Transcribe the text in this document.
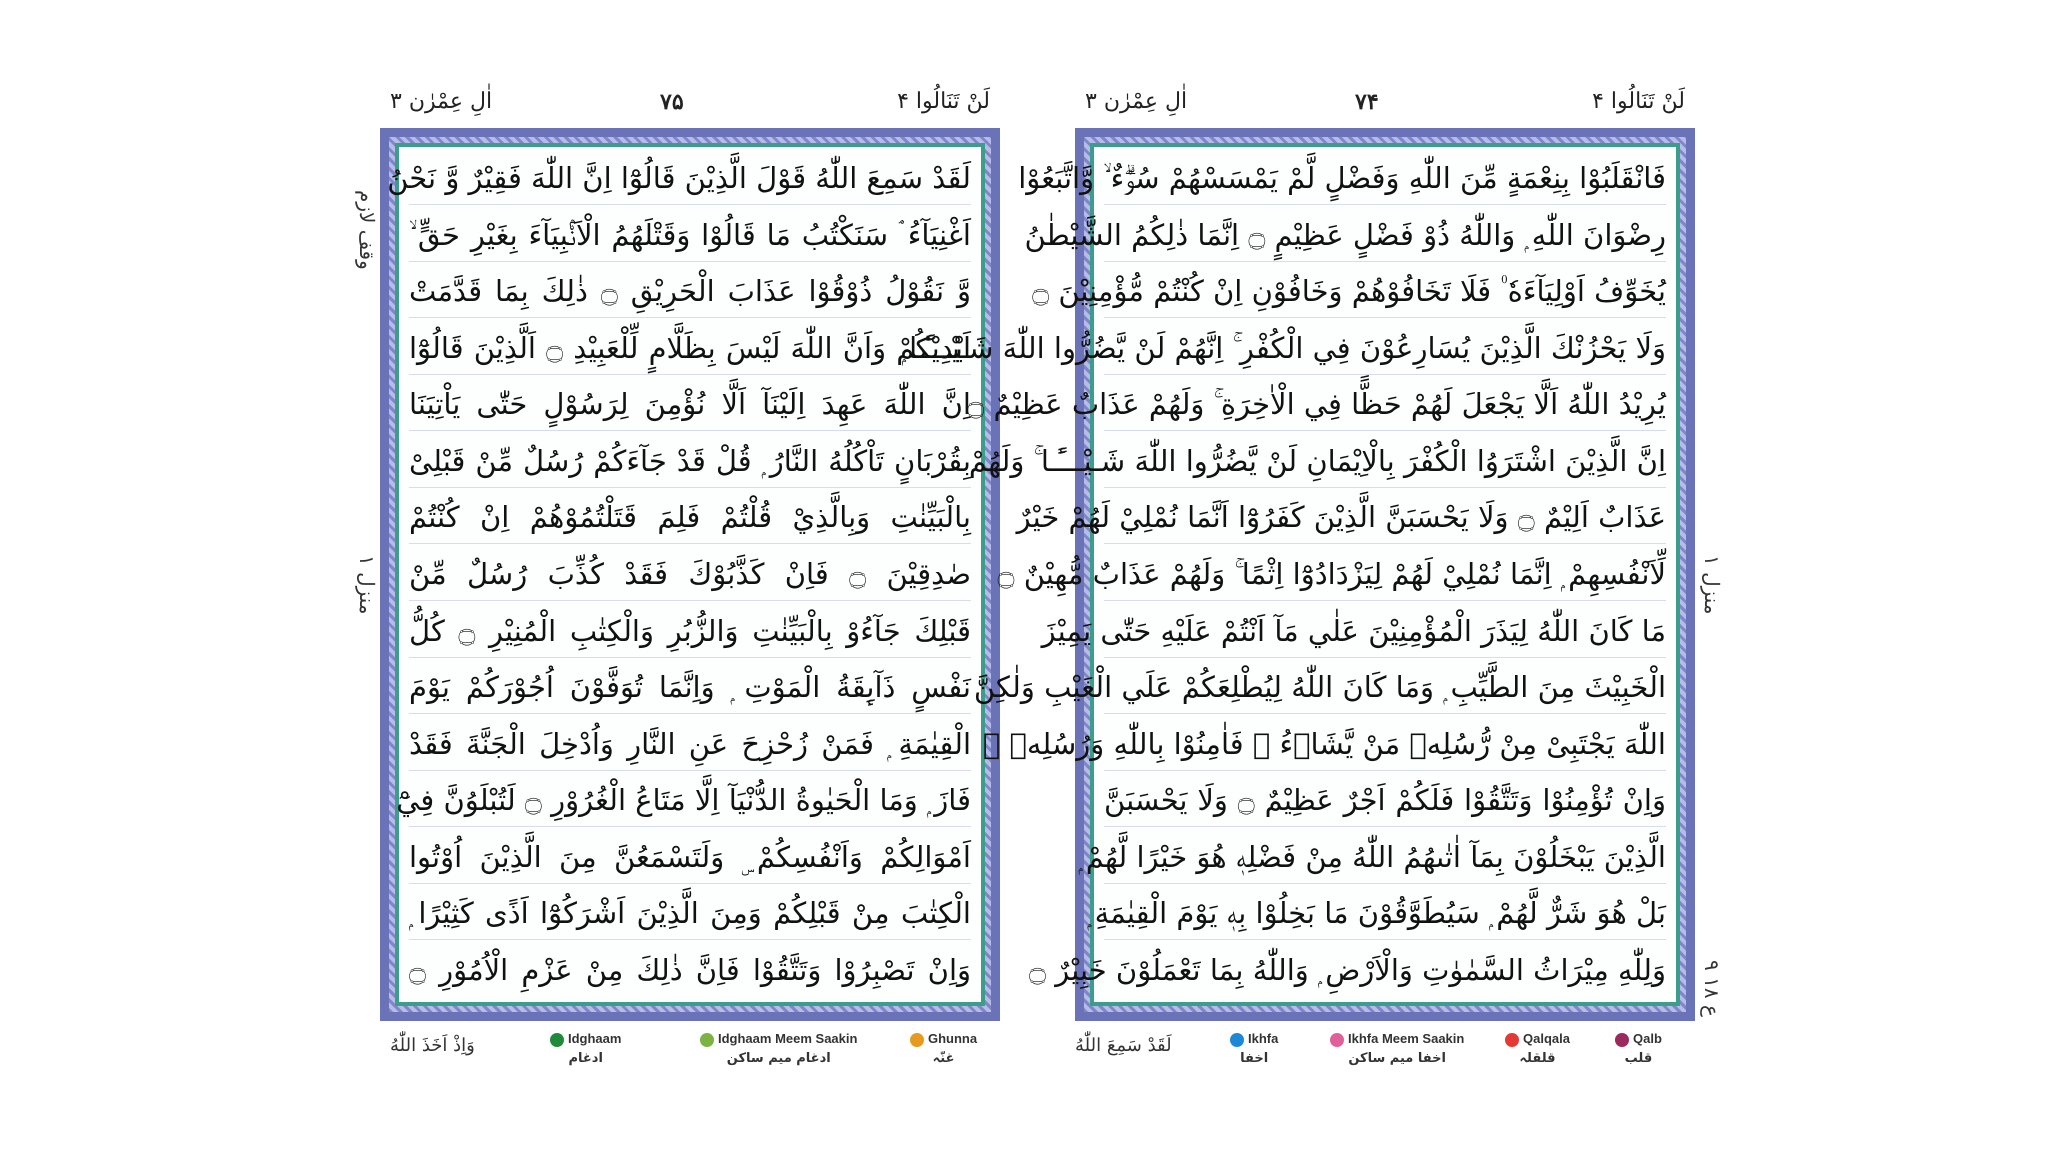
اٰلِ عِمْرٰن ۳	۷۵	لَنْ تَنَالُوا ۴
لَقَدْ سَمِعَ اللّٰهُ قَوْلَ الَّذِيْنَ قَالُوْٓا اِنَّ اللّٰهَ فَقِيْرٌ وَّ نَحْنُ
اَغْنِيَآءُ ۘ سَنَكْتُبُ مَا قَالُوْا وَقَتْلَهُمُ الْاَنْۢبِيَآءَ بِغَيْرِ حَقٍّ ۙ
وَّ نَقُوْلُ ذُوْقُوْا عَذَابَ الْحَرِيْقِ ۝ ذٰلِكَ بِمَا قَدَّمَتْ
اَيْدِيْكُمْ وَاَنَّ اللّٰهَ لَيْسَ بِظَلَّامٍ لِّلْعَبِيْدِ ۝ اَلَّذِيْنَ قَالُوْٓا
اِنَّ اللّٰهَ عَهِدَ اِلَيْنَآ اَلَّا نُؤْمِنَ لِرَسُوْلٍ حَتّٰى يَاْتِيَنَا
بِقُرْبَانٍ تَاْكُلُهُ النَّارُ ۭ قُلْ قَدْ جَآءَكُمْ رُسُلٌ مِّنْ قَبْلِىْ
بِالْبَيِّنٰتِ وَبِالَّذِيْ قُلْتُمْ فَلِمَ قَتَلْتُمُوْهُمْ اِنْ كُنْتُمْ
صٰدِقِيْنَ ۝ فَاِنْ كَذَّبُوْكَ فَقَدْ كُذِّبَ رُسُلٌ مِّنْ
قَبْلِكَ جَآءُوْ بِالْبَيِّنٰتِ وَالزُّبُرِ وَالْكِتٰبِ الْمُنِيْرِ ۝ كُلُّ
نَفْسٍ ذَآىِٕقَةُ الْمَوْتِ ۭ وَاِنَّمَا تُوَفَّوْنَ اُجُوْرَكُمْ يَوْمَ
الْقِيٰمَةِ ۭ فَمَنْ زُحْزِحَ عَنِ النَّارِ وَاُدْخِلَ الْجَنَّةَ فَقَدْ
فَازَ ۭ وَمَا الْحَيٰوةُ الدُّنْيَآ اِلَّا مَتَاعُ الْغُرُوْرِ ۝ لَتُبْلَوُنَّ فِيْٓ
اَمْوَالِكُمْ وَاَنْفُسِكُمْ ۣ وَلَتَسْمَعُنَّ مِنَ الَّذِيْنَ اُوْتُوا
الْكِتٰبَ مِنْ قَبْلِكُمْ وَمِنَ الَّذِيْنَ اَشْرَكُوْٓا اَذًى كَثِيْرًا ۭ
وَاِنْ تَصْبِرُوْا وَتَتَّقُوْا فَاِنَّ ذٰلِكَ مِنْ عَزْمِ الْاُمُوْرِ ۝
وَاِذْ اَخَذَ اللّٰهُ	Idghaam
ادغام
Idghaam Meem Saakin
ادغام میم ساکن
Ghunna
غنّہ
وقف لازم
منزل ۱
اٰلِ عِمْرٰن ۳	۷۴	لَنْ تَنَالُوا ۴
فَانْقَلَبُوْا بِنِعْمَةٍ مِّنَ اللّٰهِ وَفَضْلٍ لَّمْ يَمْسَسْهُمْ سُوْۗءٌ ۙ وَّاتَّبَعُوْا
رِضْوَانَ اللّٰهِ ۭ وَاللّٰهُ ذُوْ فَضْلٍ عَظِيْمٍ ۝ اِنَّمَا ذٰلِكُمُ الشَّيْطٰنُ
يُخَوِّفُ اَوْلِيَآءَهٗ ۠ فَلَا تَخَافُوْھُمْ وَخَافُوْنِ اِنْ كُنْتُمْ مُّؤْمِنِيْنَ ۝
وَلَا يَحْزُنْكَ الَّذِيْنَ يُسَارِعُوْنَ فِي الْكُفْرِ ۚ اِنَّھُمْ لَنْ يَّضُرُّوا اللّٰهَ شَـيْـــًٔـا ۭ
يُرِيْدُ اللّٰهُ اَلَّا يَجْعَلَ لَھُمْ حَظًّا فِي الْاٰخِرَةِ ۚ وَلَھُمْ عَذَابٌ عَظِيْمٌ ۝
اِنَّ الَّذِيْنَ اشْتَرَوُا الْكُفْرَ بِالْاِيْمَانِ لَنْ يَّضُرُّوا اللّٰهَ شَـيْـــًٔـا ۚ وَلَھُمْ
عَذَابٌ اَلِيْمٌ ۝ وَلَا يَحْسَبَنَّ الَّذِيْنَ كَفَرُوْٓا اَنَّمَا نُمْلِيْ لَھُمْ خَيْرٌ
لِّاَنْفُسِهِمْ ۭ اِنَّمَا نُمْلِيْ لَھُمْ لِيَزْدَادُوْٓا اِثْمًا ۚ وَلَھُمْ عَذَابٌ مُّهِيْنٌ ۝
مَا كَانَ اللّٰهُ لِيَذَرَ الْمُؤْمِنِيْنَ عَلٰي مَآ اَنْتُمْ عَلَيْهِ حَتّٰى يَمِيْزَ
الْخَبِيْثَ مِنَ الطَّيِّبِ ۭ وَمَا كَانَ اللّٰهُ لِيُطْلِعَكُمْ عَلَي الْغَيْبِ وَلٰكِنَّ
اللّٰهَ يَجْتَبِىْ مِنْ رُّسُلِهٖ مَنْ يَّشَاۗءُ ۠ فَاٰمِنُوْا بِاللّٰهِ وَرُسُلِهٖ ۚ
وَاِنْ تُؤْمِنُوْا وَتَتَّقُوْا فَلَكُمْ اَجْرٌ عَظِيْمٌ ۝ وَلَا يَحْسَبَنَّ
الَّذِيْنَ يَبْخَلُوْنَ بِمَآ اٰتٰىھُمُ اللّٰهُ مِنْ فَضْلِهٖ هُوَ خَيْرًا لَّھُمْ ۭ
بَلْ هُوَ شَرٌّ لَّھُمْ ۭ سَيُطَوَّقُوْنَ مَا بَخِلُوْا بِهٖ يَوْمَ الْقِيٰمَةِ ۭ
وَلِلّٰهِ مِيْرَاثُ السَّمٰوٰتِ وَالْاَرْضِ ۭ وَاللّٰهُ بِمَا تَعْمَلُوْنَ خَبِيْرٌ ۝
لَقَدْ سَمِعَ اللّٰهُ	Ikhfa
اخفا
Ikhfa Meem Saakin
اخفا میم ساکن
Qalqala
قلقلہ
Qalb
قلب
منزل ۱
ع ۱۸ ۹
